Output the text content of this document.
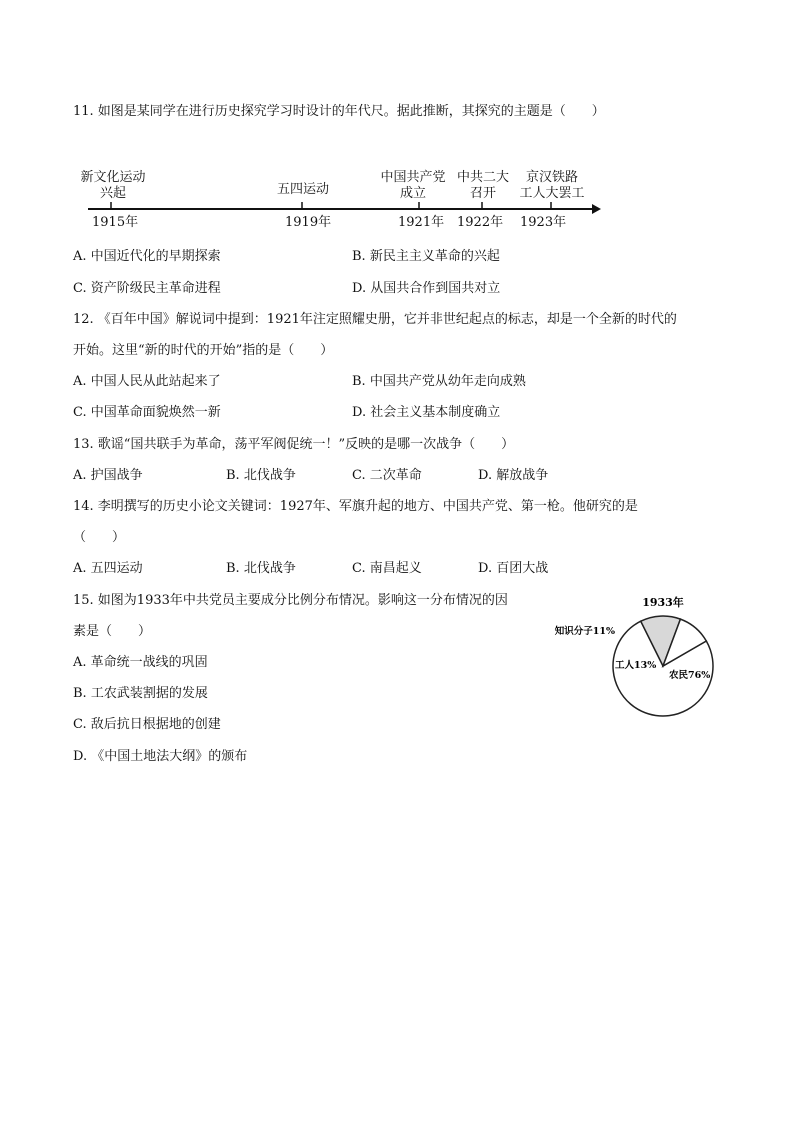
11. 如图是某同学在进行历史探究学习时设计的年代尺。据此推断，其探究的主题是（　　）
新文化运动
兴起	五四运动
中国共产党
成立
中共二大
召开
京汉铁路
工人大罢工
1915年	1919年	1921年 1922年 1923年
A. 中国近代化的早期探索	B. 新民主主义革命的兴起
C. 资产阶级民主革命进程	D. 从国共合作到国共对立
12. 《百年中国》解说词中提到：1921年注定照耀史册，它并非世纪起点的标志，却是一个全新的时代的
开始。这里“新的时代的开始”指的是（　　）
A. 中国人民从此站起来了	B. 中国共产党从幼年走向成熟
C. 中国革命面貌焕然一新	D. 社会主义基本制度确立
13. 歌谣“国共联手为革命，荡平军阀促统一！”反映的是哪一次战争（　　）
A. 护国战争	B. 北伐战争	C. 二次革命	D. 解放战争
14. 李明撰写的历史小论文关键词：1927年、军旗升起的地方、中国共产党、第一枪。他研究的是
（　　）
A. 五四运动	B. 北伐战争	C. 南昌起义	D. 百团大战
15. 如图为1933年中共党员主要成分比例分布情况。影响这一分布情况的因
素是（　　）
A. 革命统一战线的巩固
B. 工农武装割据的发展
C. 敌后抗日根据地的创建
D. 《中国土地法大纲》的颁布
1933年
知识分子11%
工人13%
农民76%
